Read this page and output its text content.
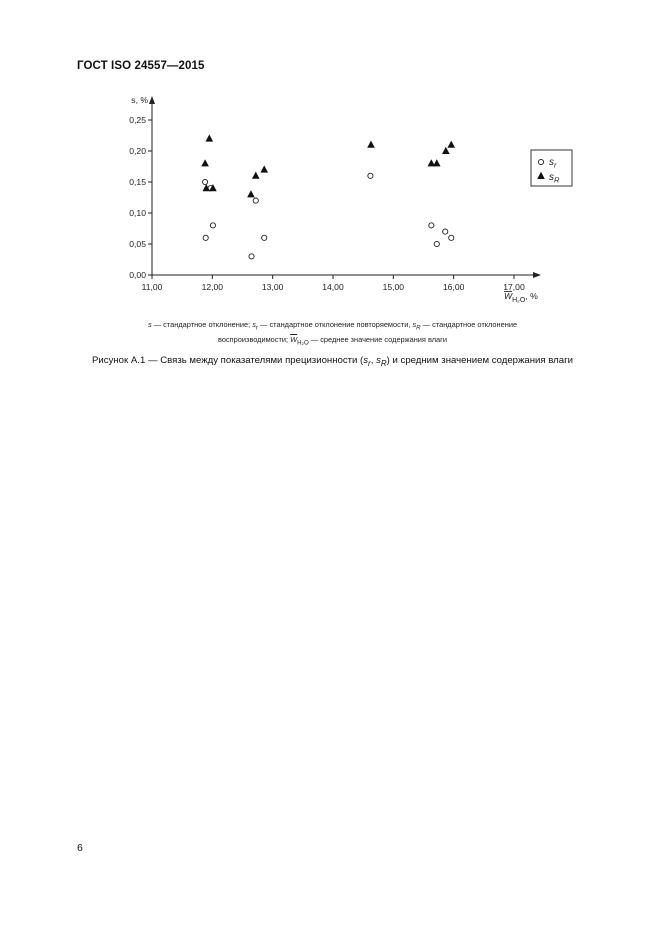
ГОСТ ISO 24557—2015
11,00	12,00	13,00	14,00	15,00	16,00	17,00
$W_{H_2O}$, %
0,00
0,05
0,10
0,15
0,20
0,25
s, %
$s_r$
$s_R$
s — стандартное отклонение; $s_r$ — стандартное отклонение повторяемости, $s_R$ — стандартное отклонение
воспроизводимости; $\overline{W}_{H_2O}$ — среднее значение содержания влаги
Рисунок А.1 — Связь между показателями прецизионности ($s_r$, $s_R$) и средним значением содержания влаги
6
